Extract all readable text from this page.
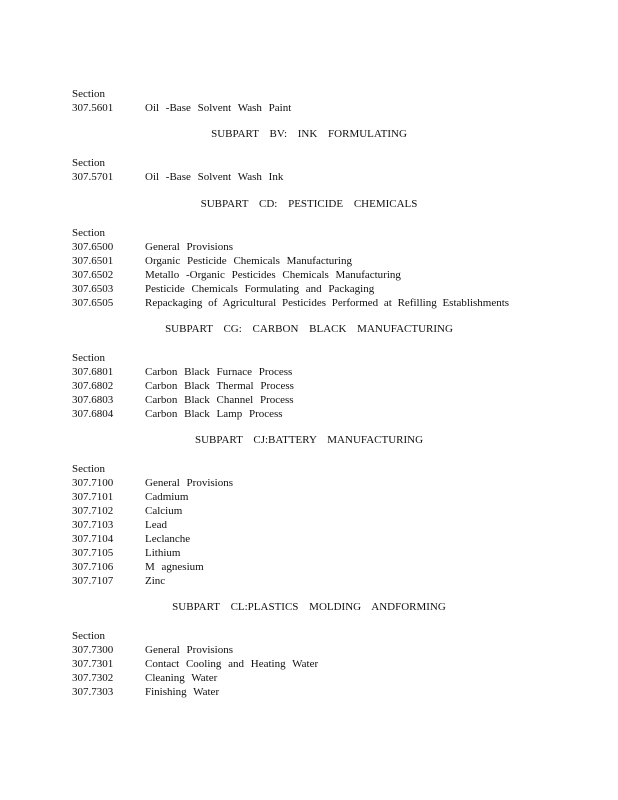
Section
307.5601	Oil -Base Solvent Wash Paint
SUBPART BV: INK FORMULATING
Section
307.5701	Oil -Base Solvent Wash Ink
SUBPART CD: PESTICIDE CHEMICALS
Section
307.6500	General Provisions
307.6501	Organic Pesticide Chemicals Manufacturing
307.6502	Metallo -Organic Pesticides Chemicals Manufacturing
307.6503	Pesticide Chemicals Formulating and Packaging
307.6505	Repackaging of Agricultural Pesticides Performed at Refilling Establishments
SUBPART CG: CARBON BLACK MANUFACTURING
Section
307.6801	Carbon Black Furnace Process
307.6802	Carbon Black Thermal Process
307.6803	Carbon Black Channel Process
307.6804	Carbon Black Lamp Process
SUBPART CJ:BATTERY MANUFACTURING
Section
307.7100	General Provisions
307.7101	Cadmium
307.7102	Calcium
307.7103	Lead
307.7104	Leclanche
307.7105	Lithium
307.7106	M agnesium
307.7107	Zinc
SUBPART CL:PLASTICS MOLDING ANDFORMING
Section
307.7300	General Provisions
307.7301	Contact Cooling and Heating Water
307.7302	Cleaning Water
307.7303	Finishing Water
